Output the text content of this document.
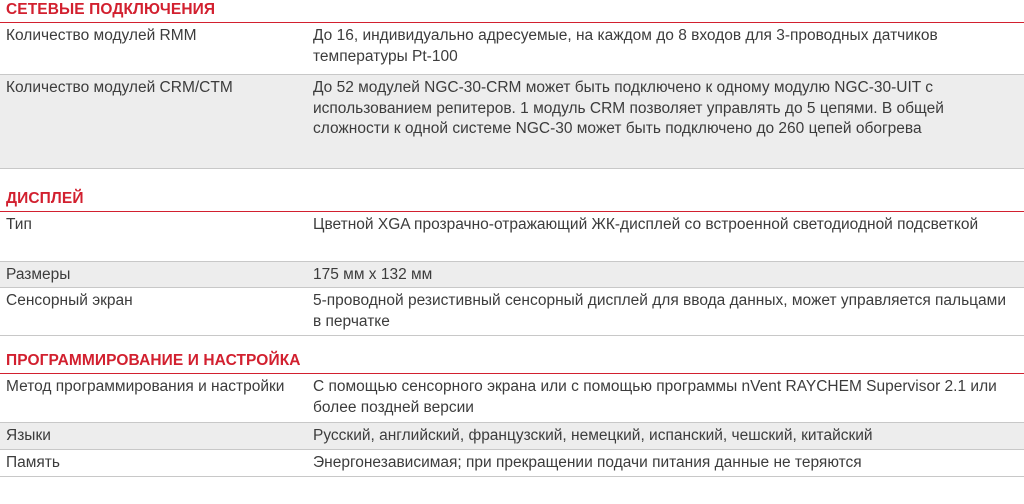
СЕТЕВЫЕ ПОДКЛЮЧЕНИЯ
Количество модулей RMM	До 16, индивидуально адресуемые, на каждом до 8 входов для 3-проводных датчиков температуры Pt-100
Количество модулей CRM/CTM	До 52 модулей NGC-30-CRM может быть подключено к одному модулю NGC-30-UIT с использованием репитеров. 1 модуль CRM позволяет управлять до 5 цепями. В общей сложности к одной системе NGC-30 может быть подключено до 260 цепей обогрева
ДИСПЛЕЙ
Тип	Цветной XGA прозрачно-отражающий ЖК-дисплей со встроенной светодиодной подсветкой
Размеры	175 мм x 132 мм
Сенсорный экран	5-проводной резистивный сенсорный дисплей для ввода данных, может управляется пальцами в перчатке
ПРОГРАММИРОВАНИЕ И НАСТРОЙКА
Метод программирования и настройки	С помощью сенсорного экрана или с помощью программы nVent RAYCHEM Supervisor 2.1 или более поздней версии
Языки	Русский, английский, французский, немецкий, испанский, чешский, китайский
Память	Энергонезависимая; при прекращении подачи питания данные не теряются
